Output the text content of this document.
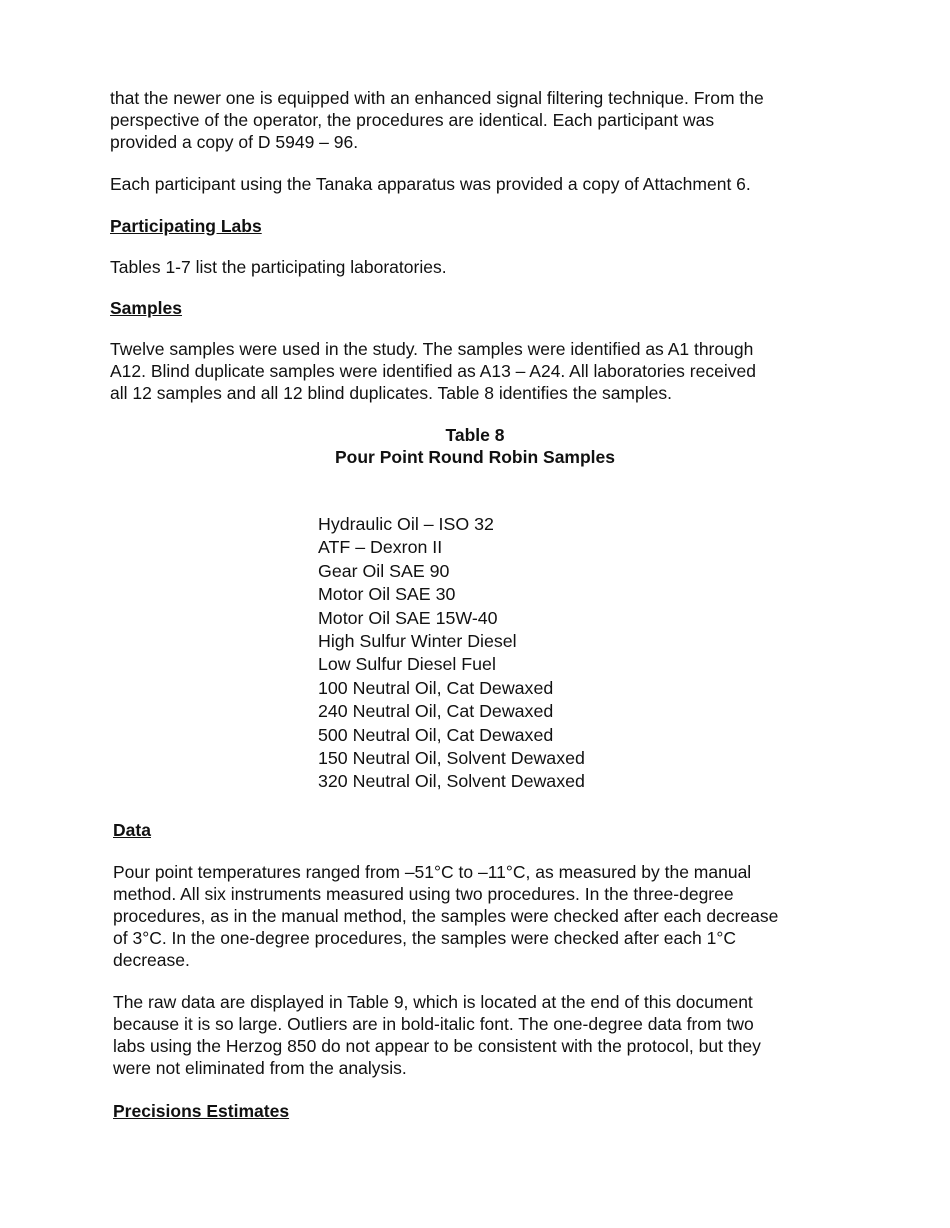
that the newer one is equipped with an enhanced signal filtering technique. From the
perspective of the operator, the procedures are identical. Each participant was
provided a copy of D 5949 – 96.

Each participant using the Tanaka apparatus was provided a copy of Attachment 6.

Participating Labs

Tables 1-7 list the participating laboratories.

Samples

Twelve samples were used in the study. The samples were identified as A1 through
A12. Blind duplicate samples were identified as A13 – A24. All laboratories received
all 12 samples and all 12 blind duplicates. Table 8 identifies the samples.

Table 8
Pour Point Round Robin Samples
Hydraulic Oil – ISO 32
ATF – Dexron II
Gear Oil SAE 90
Motor Oil SAE 30
Motor Oil SAE 15W-40
High Sulfur Winter Diesel
Low Sulfur Diesel Fuel
100 Neutral Oil, Cat Dewaxed
240 Neutral Oil, Cat Dewaxed
500 Neutral Oil, Cat Dewaxed
150 Neutral Oil, Solvent Dewaxed
320 Neutral Oil, Solvent Dewaxed

Data

Pour point temperatures ranged from –51°C to –11°C, as measured by the manual
method. All six instruments measured using two procedures. In the three-degree
procedures, as in the manual method, the samples were checked after each decrease
of 3°C. In the one-degree procedures, the samples were checked after each 1°C
decrease.

The raw data are displayed in Table 9, which is located at the end of this document
because it is so large. Outliers are in bold-italic font. The one-degree data from two
labs using the Herzog 850 do not appear to be consistent with the protocol, but they
were not eliminated from the analysis.

Precisions Estimates
